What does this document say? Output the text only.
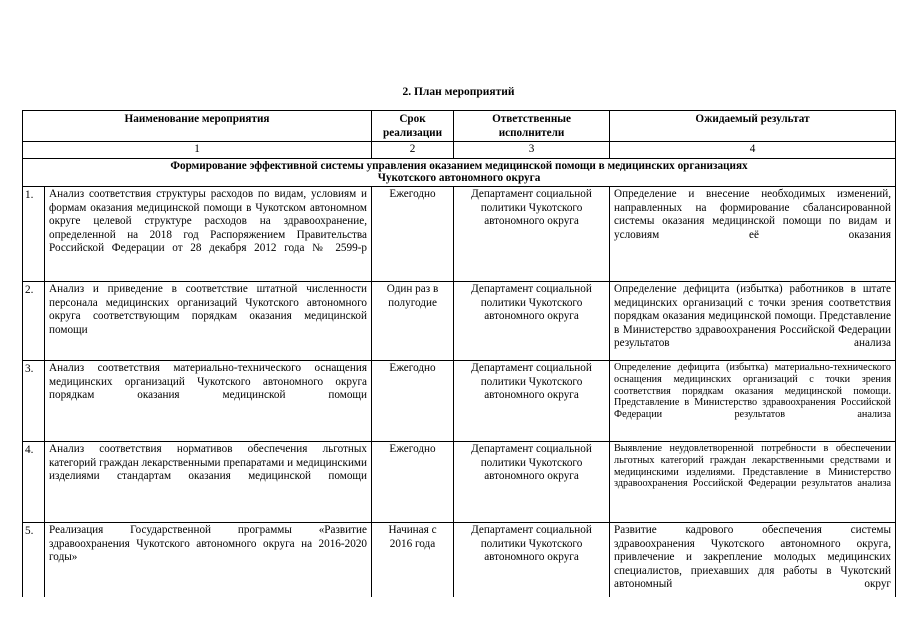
2. План мероприятий
Наименование мероприятия		Срок реализации	Ответственные исполнители	Ожидаемый результат
1		2	3	4

Формирование эффективной системы управления оказанием медицинской помощи в медицинских организациях

Чукотского автономного округа				

1.	Анализ соответствия структуры расходов по видам, условиям и формам оказания медицинской помощи в Чукотском автономном округе целевой структуре расходов на здравоохранение, определенной на 2018 год Распоряжением Правительства Российской Федерации от 28 декабря 2012 года № 2599-р	Ежегодно	Департамент социальной политики Чукотского автономного округа	Определение и внесение необходимых изменений, направленных на формирование сбалансированной системы оказания медицинской помощи по видам и условиям её оказания
2.	Анализ и приведение в соответствие штатной численности персонала медицинских организаций Чукотского автономного округа соответствующим порядкам оказания медицинской помощи	Один раз в полугодие	Департамент социальной политики Чукотского автономного округа	Определение дефицита (избытка) работников в штате медицинских организаций с точки зрения соответствия порядкам оказания медицинской помощи. Представление в Министерство здравоохранения Российской Федерации результатов анализа
3.	Анализ соответствия материально-технического оснащения медицинских организаций Чукотского автономного округа порядкам оказания медицинской помощи	Ежегодно	Департамент социальной политики Чукотского автономного округа	Определение дефицита (избытка) материально-технического оснащения медицинских организаций с точки зрения соответствия порядкам оказания медицинской помощи. Представление в Министерство здравоохранения Российской Федерации результатов анализа
4.	Анализ соответствия нормативов обеспечения льготных категорий граждан лекарственными препаратами и медицинскими изделиями стандартам оказания медицинской помощи	Ежегодно	Департамент социальной политики Чукотского автономного округа	Выявление неудовлетворенной потребности в обеспечении льготных категорий граждан лекарственными средствами и медицинскими изделиями. Представление в Министерство здравоохранения Российской Федерации результатов анализа
5.	Реализация Государственной программы «Развитие здравоохранения Чукотского автономного округа на 2016-2020 годы»	Начиная с 2016 года	Департамент социальной политики Чукотского автономного округа	Развитие кадрового обеспечения системы здравоохранения Чукотского автономного округа, привлечение и закрепление молодых медицинских специалистов, приехавших для работы в Чукотский автономный округ
